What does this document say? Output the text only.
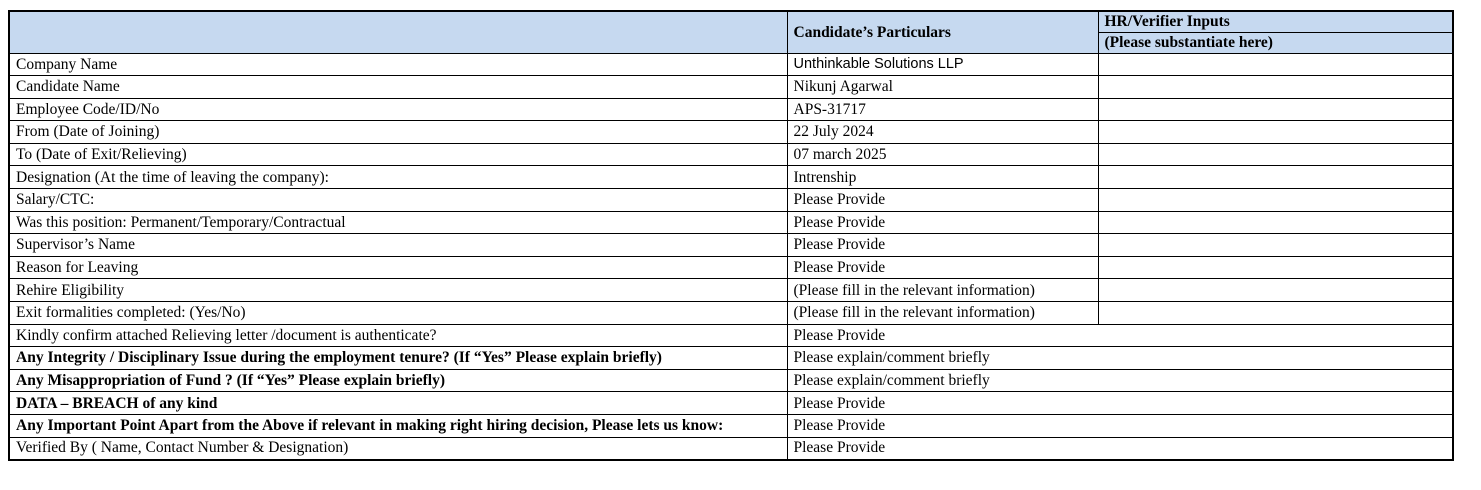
	Candidate’s Particulars	HR/Verifier Inputs
		(Please substantiate here)
Company Name	Unthinkable Solutions LLP	
Candidate Name	Nikunj Agarwal	
Employee Code/ID/No	APS-31717	
From (Date of Joining)	22 July 2024	
To (Date of Exit/Relieving)	07 march 2025	
Designation (At the time of leaving the company):	Intrenship	
Salary/CTC:	Please Provide	
Was this position: Permanent/Temporary/Contractual	Please Provide	
Supervisor’s Name	Please Provide	
Reason for Leaving	Please Provide	
Rehire Eligibility	(Please fill in the relevant information)	
Exit formalities completed: (Yes/No)	(Please fill in the relevant information)	
Kindly confirm attached Relieving letter /document is authenticate?	Please Provide	
Any Integrity / Disciplinary Issue during the employment tenure? (If “Yes” Please explain briefly)	Please explain/comment briefly	
Any Misappropriation of Fund ? (If “Yes” Please explain briefly)	Please explain/comment briefly	
DATA – BREACH of any kind	Please Provide	
Any Important Point Apart from the Above if relevant in making right hiring decision, Please lets us know:	Please Provide	
Verified By ( Name, Contact Number & Designation)	Please Provide	
